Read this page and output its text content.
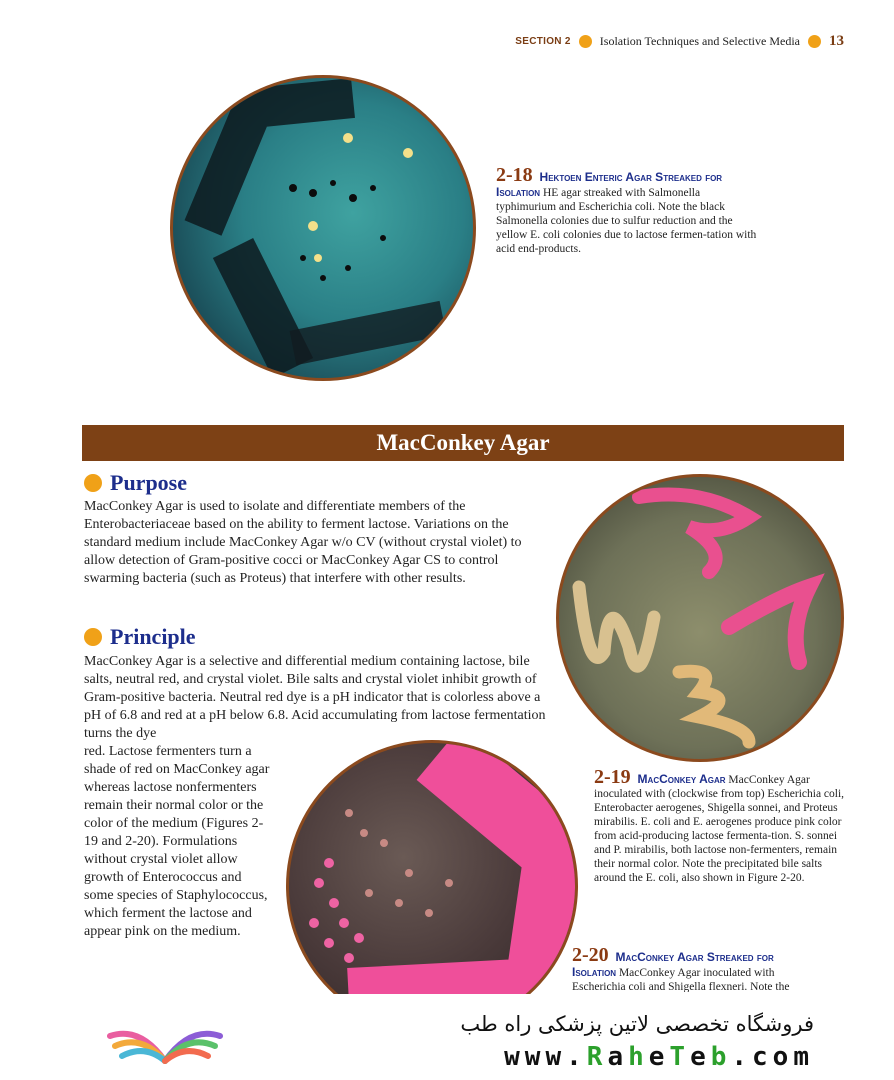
SECTION 2 Isolation Techniques and Selective Media 13
2-18 Hektoen Enteric Agar Streaked for Isolation HE agar streaked with Salmonella typhimurium and Escherichia coli. Note the black Salmonella colonies due to sulfur reduction and the yellow E. coli colonies due to lactose fermen-tation with acid end-products.
MacConkey Agar
Purpose
MacConkey Agar is used to isolate and differentiate members of the Enterobacteriaceae based on the ability to ferment lactose. Variations on the standard medium include MacConkey Agar w/o CV (without crystal violet) to allow detection of Gram-positive cocci or MacConkey Agar CS to control swarming bacteria (such as Proteus) that interfere with other results.
Principle
MacConkey Agar is a selective and differential medium containing lactose, bile salts, neutral red, and crystal violet. Bile salts and crystal violet inhibit growth of Gram-positive bacteria. Neutral red dye is a pH indicator that is colorless above a pH of 6.8 and red at a pH below 6.8. Acid accumulating from lactose fermentation turns the dye
red. Lactose fermenters turn a shade of red on MacConkey agar whereas lactose nonfermenters remain their normal color or the color of the medium (Figures 2-19 and 2-20). Formulations without crystal violet allow growth of Enterococcus and some species of Staphylococcus, which ferment the lactose and appear pink on the medium.
2-19 MacConkey Agar MacConkey Agar inoculated with (clockwise from top) Escherichia coli, Enterobacter aerogenes, Shigella sonnei, and Proteus mirabilis. E. coli and E. aerogenes produce pink color from acid-producing lactose fermenta-tion. S. sonnei and P. mirabilis, both lactose non-fermenters, remain their normal color. Note the precipitated bile salts around the E. coli, also shown in Figure 2-20.
2-20 MacConkey Agar Streaked for Isolation MacConkey Agar inoculated with Escherichia coli and Shigella flexneri. Note the
فروشگاه تخصصی لاتین پزشکی راه طب
www.RaheTeb.com
